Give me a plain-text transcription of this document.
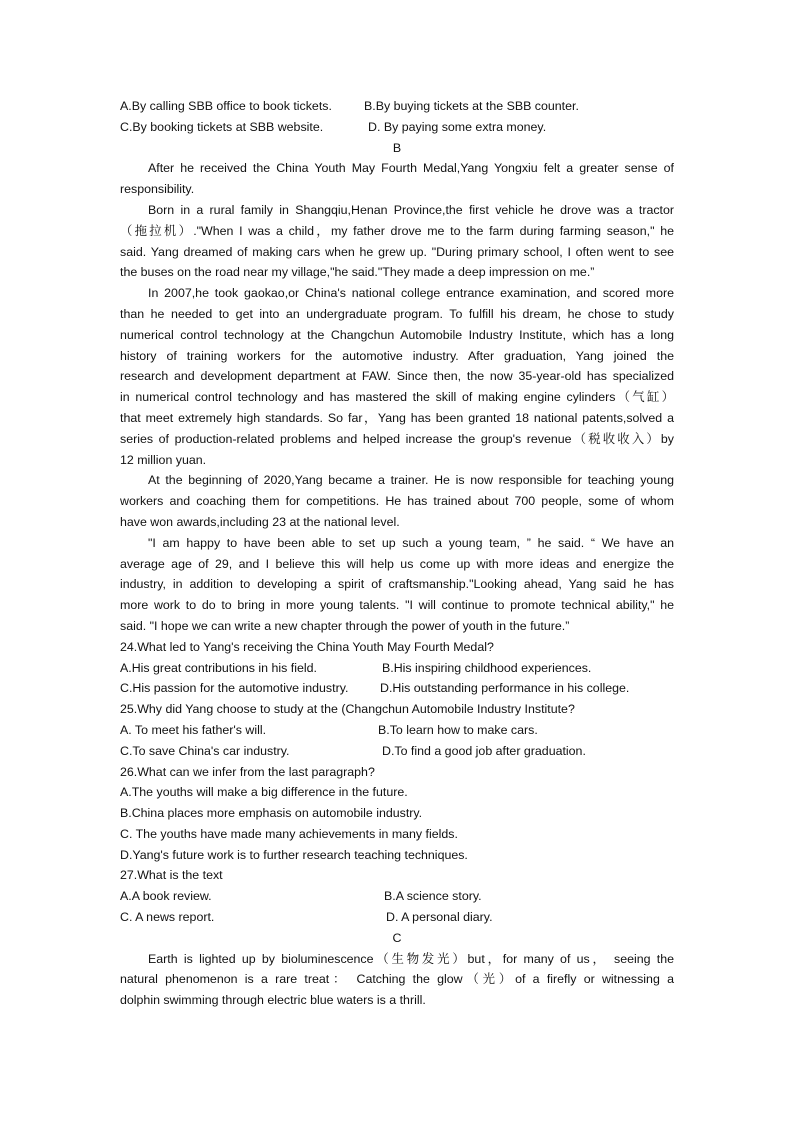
A.By calling SBB office to book tickets.	B.By buying tickets at the SBB counter.
C.By booking tickets at SBB website.	D. By paying some extra money.
B

After he received the China Youth May Fourth Medal,Yang Yongxiu felt a greater sense of
responsibility.

Born in a rural family in Shangqiu,Henan Province,the first vehicle he drove was a tractor
（拖拉机）."When I was a child，my father drove me to the farm during farming season," he
said. Yang dreamed of making cars when he grew up. "During primary school, I often went to see
the buses on the road near my village,"he said."They made a deep impression on me.”

In 2007,he took gaokao,or China's national college entrance examination, and scored more
than he needed to get into an undergraduate program. To fulfill his dream, he chose to study
numerical control technology at the Changchun Automobile Industry Institute, which has a long
history of training workers for the automotive industry. After graduation, Yang joined the
research and development department at FAW. Since then, the now 35-year-old has specialized
in numerical control technology and has mastered the skill of making engine cylinders（气缸）
that meet extremely high standards. So far，Yang has been granted 18 national patents,solved a
series of production-related problems and helped increase the group's revenue（税收收入）by
12 million yuan.

At the beginning of 2020,Yang became a trainer. He is now responsible for teaching young
workers and coaching them for competitions. He has trained about 700 people, some of whom
have won awards,including 23 at the national level.

"I am happy to have been able to set up such a young team, ” he said. “ We have an
average age of 29, and I believe this will help us come up with more ideas and energize the
industry, in addition to developing a spirit of craftsmanship."Looking ahead, Yang said he has
more work to do to bring in more young talents. "I will continue to promote technical ability," he
said. "I hope we can write a new chapter through the power of youth in the future.”

24.What led to Yang's receiving the China Youth May Fourth Medal?
A.His great contributions in his field.	B.His inspiring childhood experiences.
C.His passion for the automotive industry.	D.His outstanding performance in his college.
25.Why did Yang choose to study at the (Changchun Automobile Industry Institute?
A. To meet his father's will.	B.To learn how to make cars.
C.To save China's car industry.	D.To find a good job after graduation.
26.What can we infer from the last paragraph?
A.The youths will make a big difference in the future.
B.China places more emphasis on automobile industry.
C. The youths have made many achievements in many fields.
D.Yang's future work is to further research teaching techniques.
27.What is the text
A.A book review.	B.A science story.
C. A news report.	D. A personal diary.
C

Earth is lighted up by bioluminescence（生物发光）but，for many of us， seeing the
natural phenomenon is a rare treat： Catching the glow（光）of a firefly or witnessing a
dolphin swimming through electric blue waters is a thrill.
